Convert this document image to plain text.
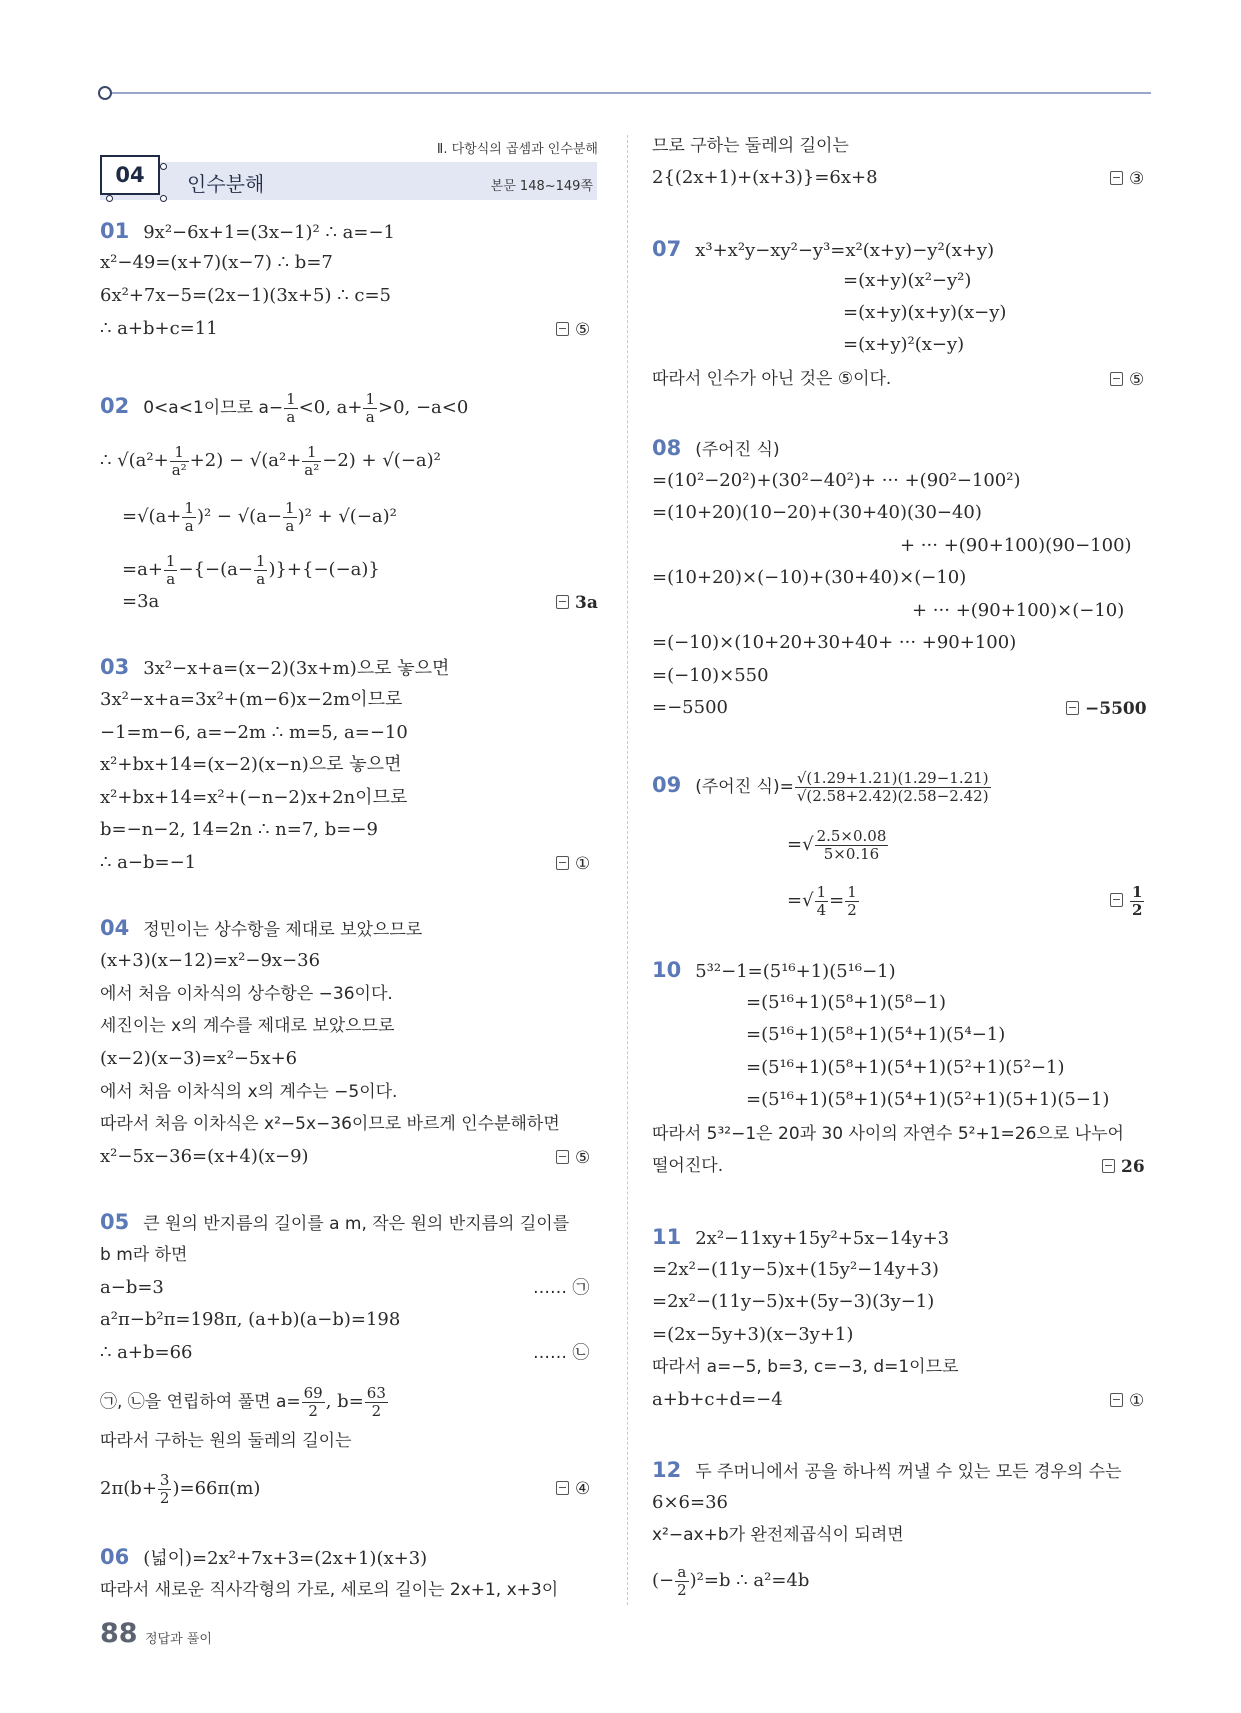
Ⅱ. 다항식의 곱셈과 인수분해
04	인수분해	본문 148~149쪽
01 9x²−6x+1=(3x−1)² ∴ a=−1
x²−49=(x+7)(x−7) ∴ b=7
6x²+7x−5=(2x−1)(3x+5) ∴ c=5
∴ a+b+c=11	⑤
02 0<a<1이므로 $a- \frac{1}{a} <0$, $a+ \frac{1}{a} >0$, −a<0
∴ $√(a^2+ \frac{1}{\text{a²}} +2) - √(a^2+ \frac{1}{\text{a²}} -2) + √(-a)^2$
$=√(a+ \frac{1}{a} )^2 - √(a- \frac{1}{a} )^2 + √(-a)^2$
$=a+ \frac{1}{a} -\{-(a- \frac{1}{a} )\}+\{-(-a)\}$
=3a	3a
03 3x²−x+a=(x−2)(3x+m)으로 놓으면
3x²−x+a=3x²+(m−6)x−2m이므로
−1=m−6, a=−2m ∴ m=5, a=−10
x²+bx+14=(x−2)(x−n)으로 놓으면
x²+bx+14=x²+(−n−2)x+2n이므로
b=−n−2, 14=2n ∴ n=7, b=−9
∴ a−b=−1	①
04 정민이는 상수항을 제대로 보았으므로
(x+3)(x−12)=x²−9x−36
에서 처음 이차식의 상수항은 −36이다.
세진이는 x의 계수를 제대로 보았으므로
(x−2)(x−3)=x²−5x+6
에서 처음 이차식의 x의 계수는 −5이다.
따라서 처음 이차식은 x²−5x−36이므로 바르게 인수분해하면
x²−5x−36=(x+4)(x−9)	⑤
05 큰 원의 반지름의 길이를 a m, 작은 원의 반지름의 길이를
b m라 하면
a−b=3	…… ㉠
a²π−b²π=198π, (a+b)(a−b)=198
∴ a+b=66	…… ㉡
㉠, ㉡을 연립하여 풀면 $a= \frac{69}{2}$ , $b= \frac{63}{2}$
따라서 구하는 원의 둘레의 길이는
$2\pi(b+ \frac{3}{2} )=66\pi(m)$	④
06 (넓이)=2x²+7x+3=(2x+1)(x+3)
따라서 새로운 직사각형의 가로, 세로의 길이는 2x+1, x+3이
므로 구하는 둘레의 길이는
2{(2x+1)+(x+3)}=6x+8	③
07 x³+x²y−xy²−y³=x²(x+y)−y²(x+y)
=(x+y)(x²−y²)
=(x+y)(x+y)(x−y)
=(x+y)²(x−y)
따라서 인수가 아닌 것은 ⑤이다.	⑤
08 (주어진 식)
=(10²−20²)+(30²−40²)+ ··· +(90²−100²)
=(10+20)(10−20)+(30+40)(30−40)
+ ··· +(90+100)(90−100)
=(10+20)×(−10)+(30+40)×(−10)
+ ··· +(90+100)×(−10)
=(−10)×(10+20+30+40+ ··· +90+100)
=(−10)×550
=−5500	−5500
09 (주어진 식)= $\frac{√(1.29+1.21)(1.29-1.21)}{√(2.58+2.42)(2.58-2.42)}$
=√ $\frac{2.5\times 0.08}{5\times 0.16}$
=√ $\frac{1}{4} = \frac{1}{2}$	$\frac{1}{2}$
10 5³²−1=(5¹⁶+1)(5¹⁶−1)
=(5¹⁶+1)(5⁸+1)(5⁸−1)
=(5¹⁶+1)(5⁸+1)(5⁴+1)(5⁴−1)
=(5¹⁶+1)(5⁸+1)(5⁴+1)(5²+1)(5²−1)
=(5¹⁶+1)(5⁸+1)(5⁴+1)(5²+1)(5+1)(5−1)
따라서 5³²−1은 20과 30 사이의 자연수 5²+1=26으로 나누어
떨어진다.	26
11 2x²−11xy+15y²+5x−14y+3
=2x²−(11y−5)x+(15y²−14y+3)
=2x²−(11y−5)x+(5y−3)(3y−1)
=(2x−5y+3)(x−3y+1)
따라서 a=−5, b=3, c=−3, d=1이므로
a+b+c+d=−4	①
12 두 주머니에서 공을 하나씩 꺼낼 수 있는 모든 경우의 수는
6×6=36
x²−ax+b가 완전제곱식이 되려면
(− $\frac{a}{2} )^2=b$ ∴ a²=4b
88 정답과 풀이
